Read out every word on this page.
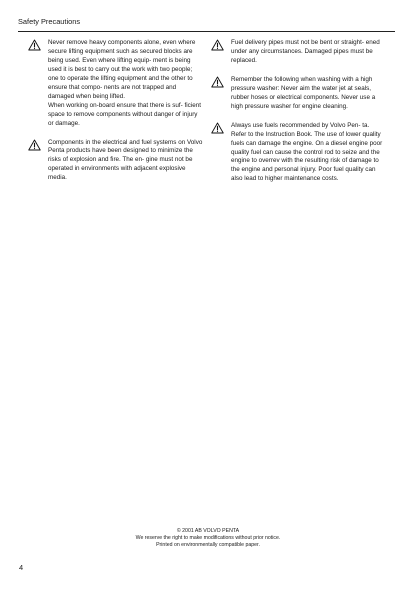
Safety Precautions

Never remove heavy components alone, even where secure lifting equipment such as secured blocks are being used. Even where lifting equip- ment is being used it is best to carry out the work with two people; one to operate the lifting equipment and the other to ensure that compo- nents are not trapped and damaged when being lifted.

When working on-board ensure that there is suf- ficient space to remove components without danger of injury or damage.

Components in the electrical and fuel systems on Volvo Penta products have been designed to minimize the risks of explosion and fire. The en- gine must not be operated in environments with adjacent explosive media.

Fuel delivery pipes must not be bent or straight- ened under any circumstances. Damaged pipes must be replaced.

Remember the following when washing with a high pressure washer: Never aim the water jet at seals, rubber hoses or electrical components. Never use a high pressure washer for engine cleaning.

Always use fuels recommended by Volvo Pen- ta. Refer to the Instruction Book. The use of lower quality fuels can damage the engine. On a diesel engine poor quality fuel can cause the control rod to seize and the engine to overrev with the resulting risk of damage to the engine and personal injury. Poor fuel quality can also lead to higher maintenance costs.

© 2001 AB VOLVO PENTA
We reserve the right to make modifications without prior notice.
Printed on environmentally compatible paper.
4
